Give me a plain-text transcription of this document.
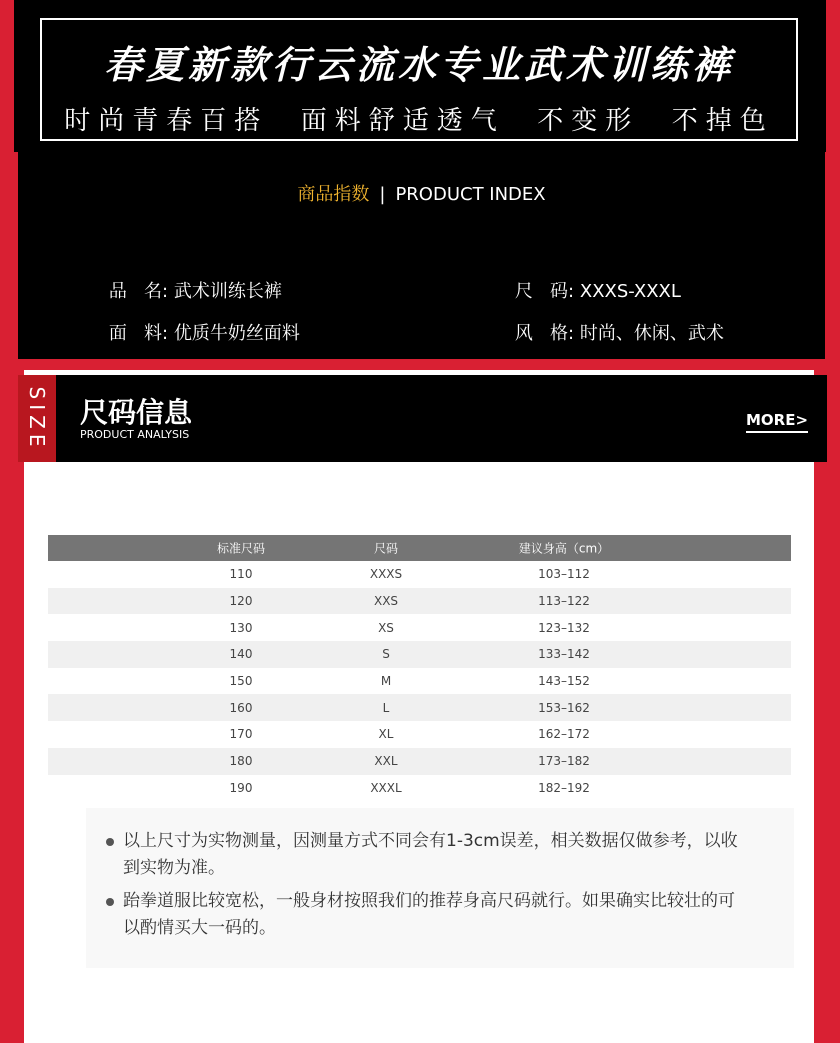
春夏新款行云流水专业武术训练裤
时尚青春百搭  面料舒适透气  不变形  不掉色
商品指数 | PRODUCT INDEX

品   名: 武术训练长裤
	尺   码: XXXS-XXXL

面   料: 优质牛奶丝面料
	风   格: 时尚、休闲、武术

SIZE 尺码信息
PRODUCT ANALYSIS
MORE>
标准尺码	尺码	建议身高（cm）
110	XXXS	103–112
120	XXS	113–122
130	XS	123–132
140	S	133–142
150	M	143–152
160	L	153–162
170	XL	162–172
180	XXL	173–182
190	XXXL	182–192
以上尺寸为实物测量，因测量方式不同会有1-3cm误差，相关数据仅做参考，以收到实物为准。
跆拳道服比较宽松，一般身材按照我们的推荐身高尺码就行。如果确实比较壮的可以酌情买大一码的。
